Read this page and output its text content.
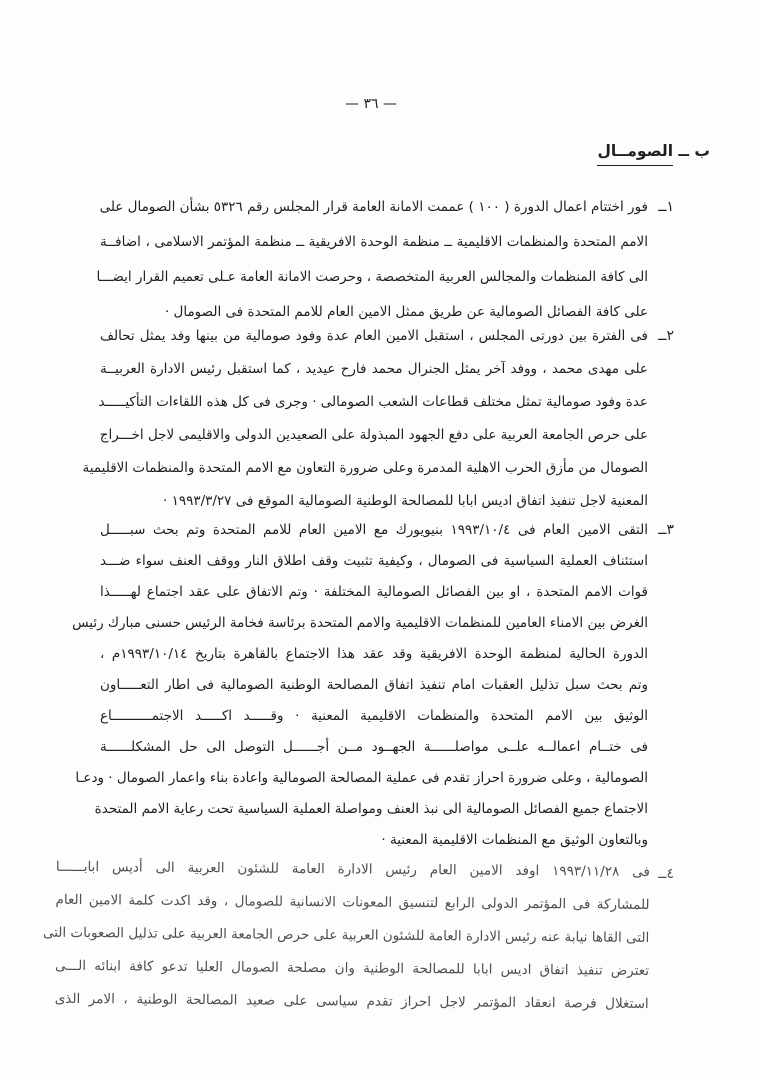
— ٣٦ —
ب ــ الصومــال
١ــ
فور اختتام اعمال الدورة ( ١٠٠ ) عممت الامانة العامة قرار المجلس رقم ٥٣٢٦ بشأن الصومال على
الامم المتحدة والمنظمات الاقليمية ــ منظمة الوحدة الافريقية ــ منظمة المؤتمر الاسلامى ، اضافــة
الى كافة المنظمات والمجالس العربية المتخصصة ، وحرصت الامانة العامة عـلى تعميم القرار ايضـــا
على كافة الفصائل الصومالية عن طريق ممثل الامين العام للامم المتحدة فى الصومال ·
٢ــ
فى الفترة بين دورتى المجلس ، استقبل الامين العام عدة وفود صومالية من بينها وفد يمثل تحالف
على مهدى محمد ، ووفد آخر يمثل الجنرال محمد فارح عيديد ، كما استقبل رئيس الادارة العربيــة
عدة وفود صومالية تمثل مختلف قطاعات الشعب الصومالى · وجرى فى كل هذه اللقاءات التأكيـــــد
على حرص الجامعة العربية على دفع الجهود المبذولة على الصعيدين الدولى والاقليمى لاجل اخـــراج
الصومال من مأزق الحرب الاهلية المدمرة وعلى ضرورة التعاون مع الامم المتحدة والمنظمات الاقليمية
المعنية لاجل تنفيذ اتفاق اديس ابابا للمصالحة الوطنية الصومالية الموقع فى ١٩٩٣/٣/٢٧ ·
٣ــ
التقى الامين العام فى ١٩٩٣/١٠/٤ بنيويورك مع الامين العام للامم المتحدة وتم بحث سبـــــل
استئناف العملية السياسية فى الصومال ، وكيفية تثبيت وقف اطلاق النار ووقف العنف سواء ضـــد
قوات الامم المتحدة ، او بين الفصائل الصومالية المختلفة · وتم الاتفاق على عقد اجتماع لهـــــذا
الغرض بين الامناء العامين للمنظمات الاقليمية والامم المتحدة برئاسة فخامة الرئيس حسنى مبارك رئيس
الدورة الحالية لمنظمة الوحدة الافريقية وقد عقد هذا الاجتماع بالقاهرة بتاريخ ١٩٩٣/١٠/١٤م ،
وتم بحث سبل تذليل العقبات امام تنفيذ اتفاق المصالحة الوطنية الصومالية فى اطار التعـــــاون
الوثيق بين الامم المتحدة والمنظمات الاقليمية المعنية · وقـــــد اكـــــد الاجتمــــــــــاع
فى ختــام اعمالــه علــى مواصلــــــة الجهــود مــن أجــــــل التوصل الى حل المشكلــــــة
الصومالية ، وعلى ضرورة احراز تقدم فى عملية المصالحة الصومالية واعادة بناء واعمار الصومال · ودعـا
الاجتماع جميع الفصائل الصومالية الى نبذ العنف ومواصلة العملية السياسية تحت رعاية الامم المتحدة
وبالتعاون الوثيق مع المنظمات الاقليمية المعنية ·
٤ــ
فى ١٩٩٣/١١/٢٨ اوفد الامين العام رئيس الادارة العامة للشئون العربية الى أديس ابابــــــا
للمشاركة فى المؤتمر الدولى الرابع لتنسيق المعونات الانسانية للصومال ، وقد اكدت كلمة الامين العام
التى القاها نيابة عنه رئيس الادارة العامة للشئون العربية على حرص الجامعة العربية على تذليل الصعوبات التى
تعترض تنفيذ اتفاق اديس ابابا للمصالحة الوطنية وان مصلحة الصومال العليا تدعو كافة ابنائه الـــى
استغلال فرصة انعقاد المؤتمر لاجل احراز تقدم سياسى على صعيد المصالحة الوطنية ، الامر الذى
